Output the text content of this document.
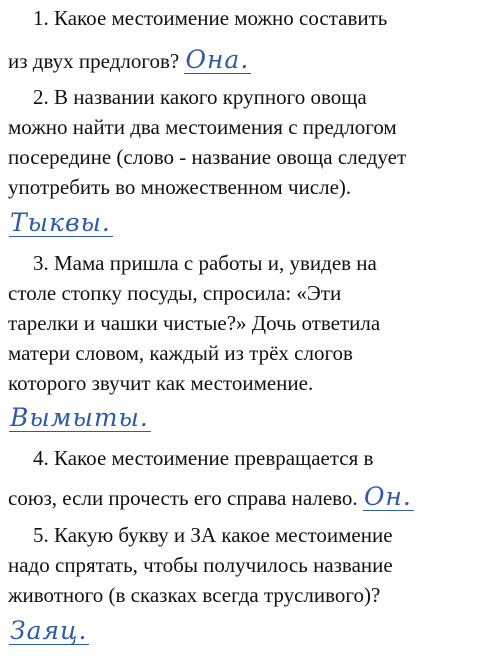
1. Какое местоимение можно составить
из двух предлогов? Она.
2. В названии какого крупного овоща
можно найти два местоимения с предлогом
посередине (слово - название овоща следует
употребить во множественном числе).
Тыквы.
3. Мама пришла с работы и, увидев на
столе стопку посуды, спросила: «Эти
тарелки и чашки чистые?» Дочь ответила
матери словом, каждый из трёх слогов
которого звучит как местоимение.
Вымыты.
4. Какое местоимение превращается в
союз, если прочесть его справа налево. Он.
5. Какую букву и ЗА какое местоимение
надо спрятать, чтобы получилось название
животного (в сказках всегда трусливого)?
Заяц.
